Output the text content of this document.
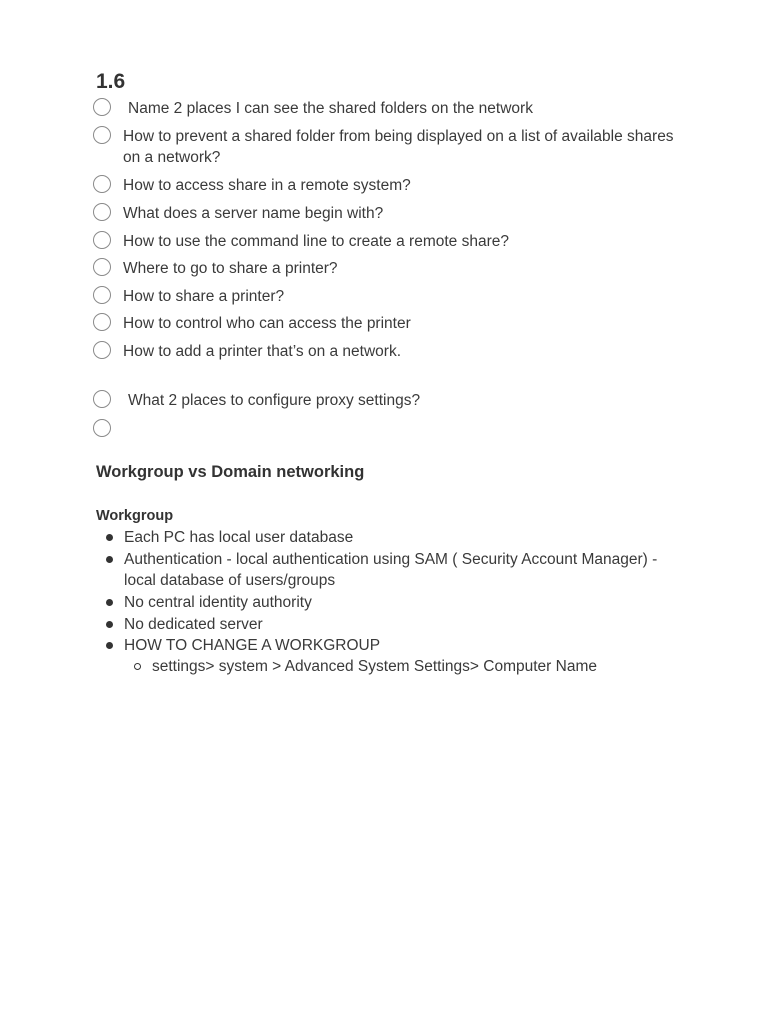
1.6
Name 2 places I can see the shared folders on the network
How to prevent a shared folder from being displayed on a list of available shares on a network?
How to access share in a remote system?
What does a server name begin with?
How to use the command line to create a remote share?
Where to go to share a printer?
How to share a printer?
How to control who can access the printer
How to add a printer that’s on a network.
What 2 places to configure proxy settings?
Workgroup vs Domain networking
Workgroup
Each PC has local user database
Authentication - local authentication using SAM ( Security Account Manager) - local database of users/groups
No central identity authority
No dedicated server
HOW TO CHANGE A WORKGROUP
settings> system > Advanced System Settings> Computer Name
